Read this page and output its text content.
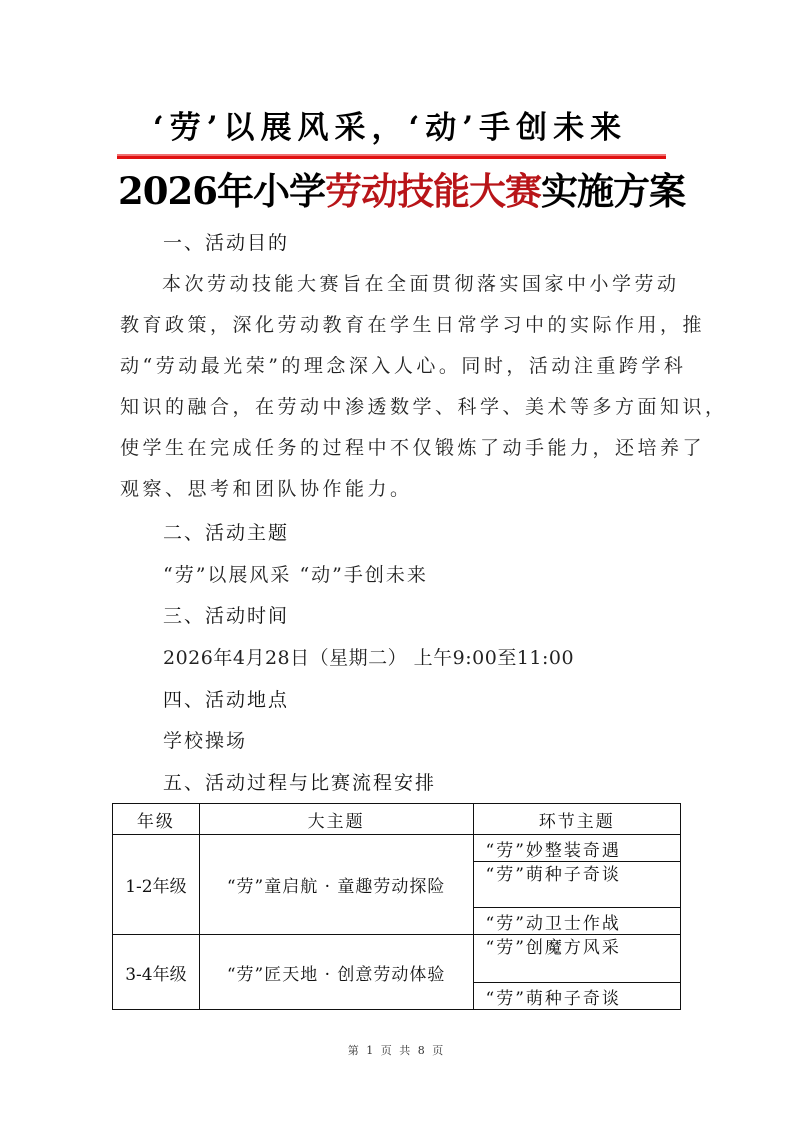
‘劳’以展风采，‘动’手创未来
2026年小学劳动技能大赛实施方案
一、活动目的
本次劳动技能大赛旨在全面贯彻落实国家中小学劳动
教育政策，深化劳动教育在学生日常学习中的实际作用，推
动“劳动最光荣”的理念深入人心。同时，活动注重跨学科
知识的融合，在劳动中渗透数学、科学、美术等多方面知识，
使学生在完成任务的过程中不仅锻炼了动手能力，还培养了
观察、思考和团队协作能力。
二、活动主题
“劳”以展风采 “动”手创未来
三、活动时间
2026年4月28日（星期二） 上午9:00至11:00
四、活动地点
学校操场
五、活动过程与比赛流程安排
年级	大主题	环节主题
1-2年级	“劳”童启航 · 童趣劳动探险	“劳”妙整装奇遇
		“劳”萌种子奇谈
		“劳”动卫士作战
3-4年级	“劳”匠天地 · 创意劳动体验	“劳”创魔方风采
		“劳”萌种子奇谈
第 1 页 共 8 页
